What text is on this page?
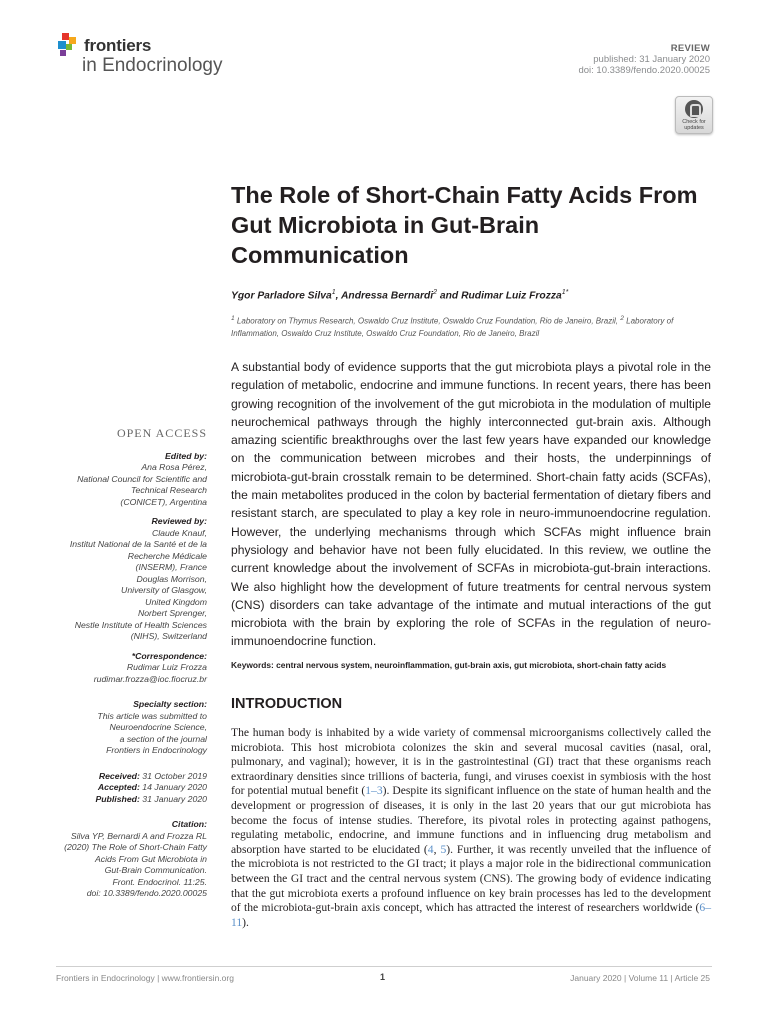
frontiers
in Endocrinology
REVIEW
published: 31 January 2020
doi: 10.3389/fendo.2020.00025
Check for
updates
The Role of Short-Chain Fatty Acids From Gut Microbiota in Gut-Brain Communication
Ygor Parladore Silva$^1$, Andressa Bernardi$^2$ and Rudimar Luiz Frozza$^{1*}$
$^1$ Laboratory on Thymus Research, Oswaldo Cruz Institute, Oswaldo Cruz Foundation, Rio de Janeiro, Brazil, $^2$ Laboratory of Inflammation, Oswaldo Cruz Institute, Oswaldo Cruz Foundation, Rio de Janeiro, Brazil

A substantial body of evidence supports that the gut microbiota plays a pivotal role in the regulation of metabolic, endocrine and immune functions. In recent years, there has been growing recognition of the involvement of the gut microbiota in the modulation of multiple neurochemical pathways through the highly interconnected gut-brain axis. Although amazing scientific breakthroughs over the last few years have expanded our knowledge on the communication between microbes and their hosts, the underpinnings of microbiota-gut-brain crosstalk remain to be determined. Short-chain fatty acids (SCFAs), the main metabolites produced in the colon by bacterial fermentation of dietary fibers and resistant starch, are speculated to play a key role in neuro-immunoendocrine regulation. However, the underlying mechanisms through which SCFAs might influence brain physiology and behavior have not been fully elucidated. In this review, we outline the current knowledge about the involvement of SCFAs in microbiota-gut-brain interactions. We also highlight how the development of future treatments for central nervous system (CNS) disorders can take advantage of the intimate and mutual interactions of the gut microbiota with the brain by exploring the role of SCFAs in the regulation of neuro-immunoendocrine function.

Keywords: central nervous system, neuroinflammation, gut-brain axis, gut microbiota, short-chain fatty acids
INTRODUCTION

The human body is inhabited by a wide variety of commensal microorganisms collectively called the microbiota. This host microbiota colonizes the skin and several mucosal cavities (nasal, oral, pulmonary, and vaginal); however, it is in the gastrointestinal (GI) tract that these organisms reach extraordinary densities since trillions of bacteria, fungi, and viruses coexist in symbiosis with the host for potential mutual benefit (1–3). Despite its significant influence on the state of human health and the development or progression of diseases, it is only in the last 20 years that our gut microbiota has become the focus of intense studies. Therefore, its pivotal roles in protecting against pathogens, regulating metabolic, endocrine, and immune functions and in influencing drug metabolism and absorption have started to be elucidated (4, 5). Further, it was recently unveiled that the influence of the microbiota is not restricted to the GI tract; it plays a major role in the bidirectional communication between the GI tract and the central nervous system (CNS). The growing body of evidence indicating that the gut microbiota exerts a profound influence on key brain processes has led to the development of the microbiota-gut-brain axis concept, which has attracted the interest of researchers worldwide (6–11).

OPEN ACCESS
Edited by:
Ana Rosa Pérez,
National Council for Scientific and
Technical Research
(CONICET), Argentina
Reviewed by:
Claude Knauf,
Institut National de la Santé et de la
Recherche Médicale
(INSERM), France
Douglas Morrison,
University of Glasgow,
United Kingdom
Norbert Sprenger,
Nestle Institute of Health Sciences
(NIHS), Switzerland
*Correspondence:
Rudimar Luiz Frozza
rudimar.frozza@ioc.fiocruz.br
Specialty section:
This article was submitted to
Neuroendocrine Science,
a section of the journal
Frontiers in Endocrinology
Received: 31 October 2019
Accepted: 14 January 2020
Published: 31 January 2020
Citation:
Silva YP, Bernardi A and Frozza RL
(2020) The Role of Short-Chain Fatty
Acids From Gut Microbiota in
Gut-Brain Communication.
Front. Endocrinol. 11:25.
doi: 10.3389/fendo.2020.00025
Frontiers in Endocrinology | www.frontiersin.org	1	January 2020 | Volume 11 | Article 25
